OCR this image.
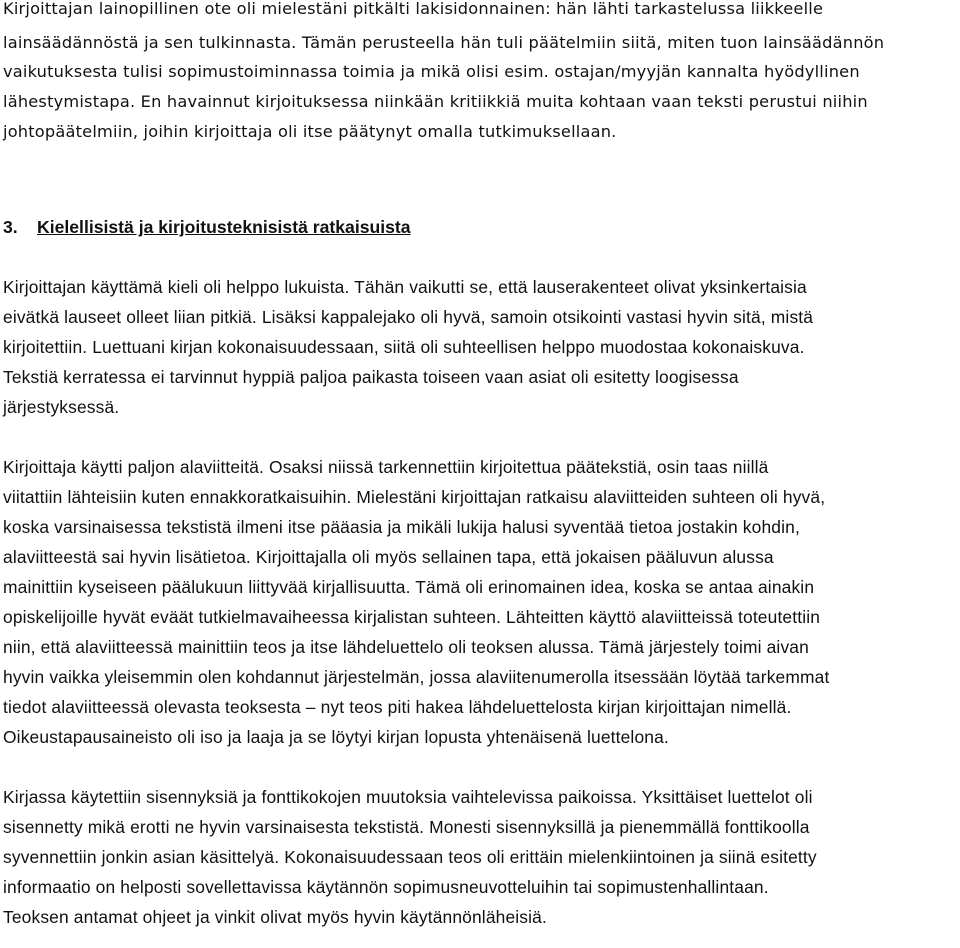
Kirjoittajan lainopillinen ote oli mielestäni pitkälti lakisidonnainen: hän lähti tarkastelussa liikkeelle
lainsäädännöstä ja sen tulkinnasta. Tämän perusteella hän tuli päätelmiin siitä, miten tuon lainsäädännön
vaikutuksesta tulisi sopimustoiminnassa toimia ja mikä olisi esim. ostajan/myyjän kannalta hyödyllinen
lähestymistapa. En havainnut kirjoituksessa niinkään kritiikkiä muita kohtaan vaan teksti perustui niihin
johtopäätelmiin, joihin kirjoittaja oli itse päätynyt omalla tutkimuksellaan.
3. Kielellisistä ja kirjoitusteknisistä ratkaisuista
Kirjoittajan käyttämä kieli oli helppo lukuista. Tähän vaikutti se, että lauserakenteet olivat yksinkertaisia
eivätkä lauseet olleet liian pitkiä. Lisäksi kappalejako oli hyvä, samoin otsikointi vastasi hyvin sitä, mistä
kirjoitettiin. Luettuani kirjan kokonaisuudessaan, siitä oli suhteellisen helppo muodostaa kokonaiskuva.
Tekstiä kerratessa ei tarvinnut hyppiä paljoa paikasta toiseen vaan asiat oli esitetty loogisessa
järjestyksessä.
Kirjoittaja käytti paljon alaviitteitä. Osaksi niissä tarkennettiin kirjoitettua päätekstiä, osin taas niillä
viitattiin lähteisiin kuten ennakkoratkaisuihin. Mielestäni kirjoittajan ratkaisu alaviitteiden suhteen oli hyvä,
koska varsinaisessa tekstistä ilmeni itse pääasia ja mikäli lukija halusi syventää tietoa jostakin kohdin,
alaviitteestä sai hyvin lisätietoa. Kirjoittajalla oli myös sellainen tapa, että jokaisen pääluvun alussa
mainittiin kyseiseen päälukuun liittyvää kirjallisuutta. Tämä oli erinomainen idea, koska se antaa ainakin
opiskelijoille hyvät eväät tutkielmavaiheessa kirjalistan suhteen. Lähteitten käyttö alaviitteissä toteutettiin
niin, että alaviitteessä mainittiin teos ja itse lähdeluettelo oli teoksen alussa. Tämä järjestely toimi aivan
hyvin vaikka yleisemmin olen kohdannut järjestelmän, jossa alaviitenumerolla itsessään löytää tarkemmat
tiedot alaviitteessä olevasta teoksesta – nyt teos piti hakea lähdeluettelosta kirjan kirjoittajan nimellä.
Oikeustapausaineisto oli iso ja laaja ja se löytyi kirjan lopusta yhtenäisenä luettelona.
Kirjassa käytettiin sisennyksiä ja fonttikokojen muutoksia vaihtelevissa paikoissa. Yksittäiset luettelot oli
sisennetty mikä erotti ne hyvin varsinaisesta tekstistä. Monesti sisennyksillä ja pienemmällä fonttikoolla
syvennettiin jonkin asian käsittelyä. Kokonaisuudessaan teos oli erittäin mielenkiintoinen ja siinä esitetty
informaatio on helposti sovellettavissa käytännön sopimusneuvotteluihin tai sopimustenhallintaan.
Teoksen antamat ohjeet ja vinkit olivat myös hyvin käytännönläheisiä.
